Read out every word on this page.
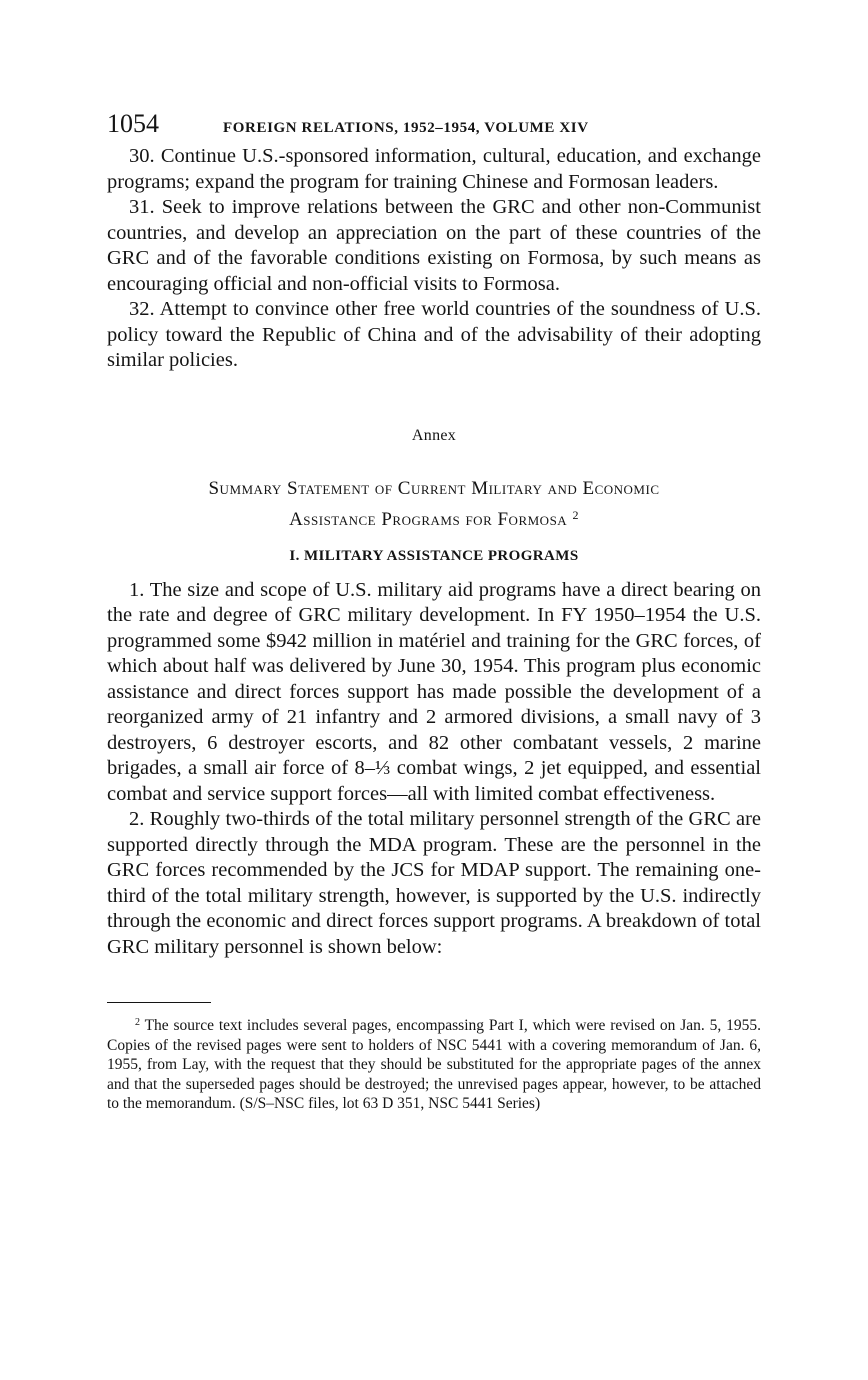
1054	FOREIGN RELATIONS, 1952–1954, VOLUME XIV

30. Continue U.S.-sponsored information, cultural, education, and exchange programs; expand the program for training Chinese and Formosan leaders.

31. Seek to improve relations between the GRC and other non-Communist countries, and develop an appreciation on the part of these countries of the GRC and of the favorable conditions existing on Formosa, by such means as encouraging official and non-official visits to Formosa.

32. Attempt to convince other free world countries of the soundness of U.S. policy toward the Republic of China and of the advisability of their adopting similar policies.

Annex
Summary Statement of Current Military and Economic
Assistance Programs for Formosa $^2$
I. MILITARY ASSISTANCE PROGRAMS

1. The size and scope of U.S. military aid programs have a direct bearing on the rate and degree of GRC military development. In FY 1950–1954 the U.S. programmed some $942 million in matériel and training for the GRC forces, of which about half was delivered by June 30, 1954. This program plus economic assistance and direct forces support has made possible the development of a reorganized army of 21 infantry and 2 armored divisions, a small navy of 3 destroyers, 6 destroyer escorts, and 82 other combatant vessels, 2 marine brigades, a small air force of 8–⅓ combat wings, 2 jet equipped, and essential combat and service support forces—all with limited combat effectiveness.

2. Roughly two-thirds of the total military personnel strength of the GRC are supported directly through the MDA program. These are the personnel in the GRC forces recommended by the JCS for MDAP support. The remaining one-third of the total military strength, however, is supported by the U.S. indirectly through the economic and direct forces support programs. A breakdown of total GRC military personnel is shown below:

$^2$ The source text includes several pages, encompassing Part I, which were revised on Jan. 5, 1955. Copies of the revised pages were sent to holders of NSC 5441 with a covering memorandum of Jan. 6, 1955, from Lay, with the request that they should be substituted for the appropriate pages of the annex and that the superseded pages should be destroyed; the unrevised pages appear, however, to be attached to the memorandum. (S/S–NSC files, lot 63 D 351, NSC 5441 Series)
